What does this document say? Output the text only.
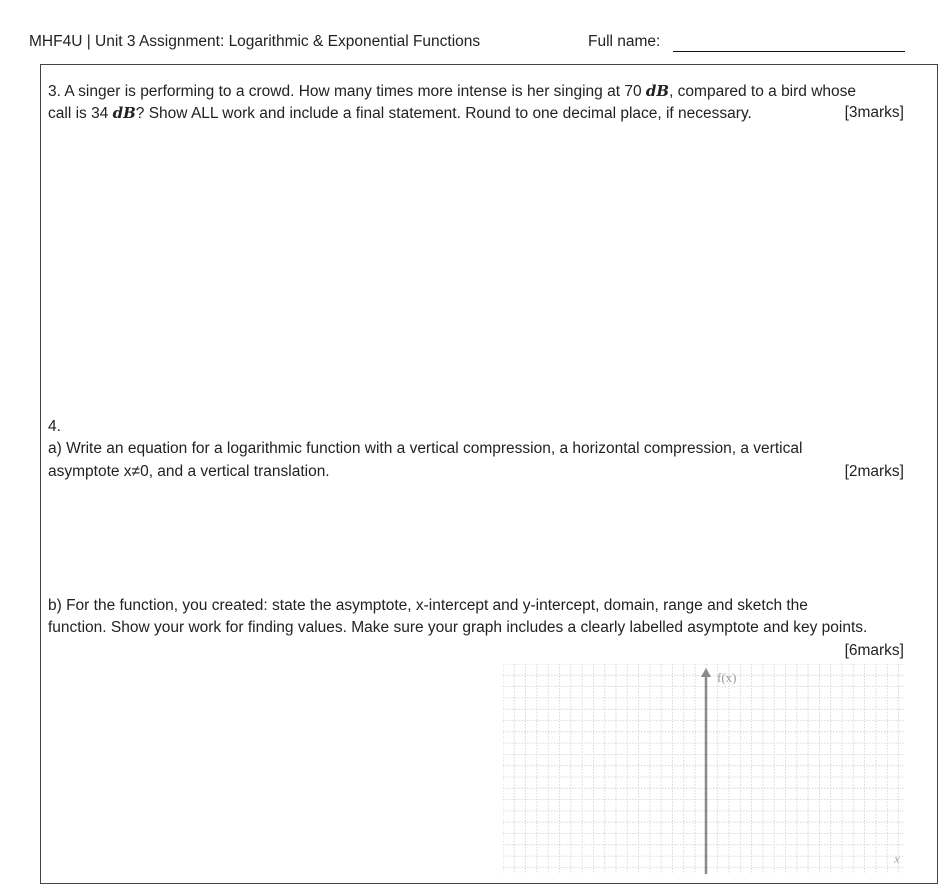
MHF4U | Unit 3 Assignment: Logarithmic & Exponential Functions	Full name:

3. A singer is performing to a crowd. How many times more intense is her singing at 70 dB, compared to a bird whose

call is 34 dB? Show ALL work and include a final statement. Round to one decimal place, if necessary.	[3marks]

4.

a) Write an equation for a logarithmic function with a vertical compression, a horizontal compression, a vertical

asymptote x≠0, and a vertical translation.	[2marks]

b) For the function, you created: state the asymptote, x-intercept and y-intercept, domain, range and sketch the

function. Show your work for finding values. Make sure your graph includes a clearly labelled asymptote and key points.

[6marks]
f(x)
x
